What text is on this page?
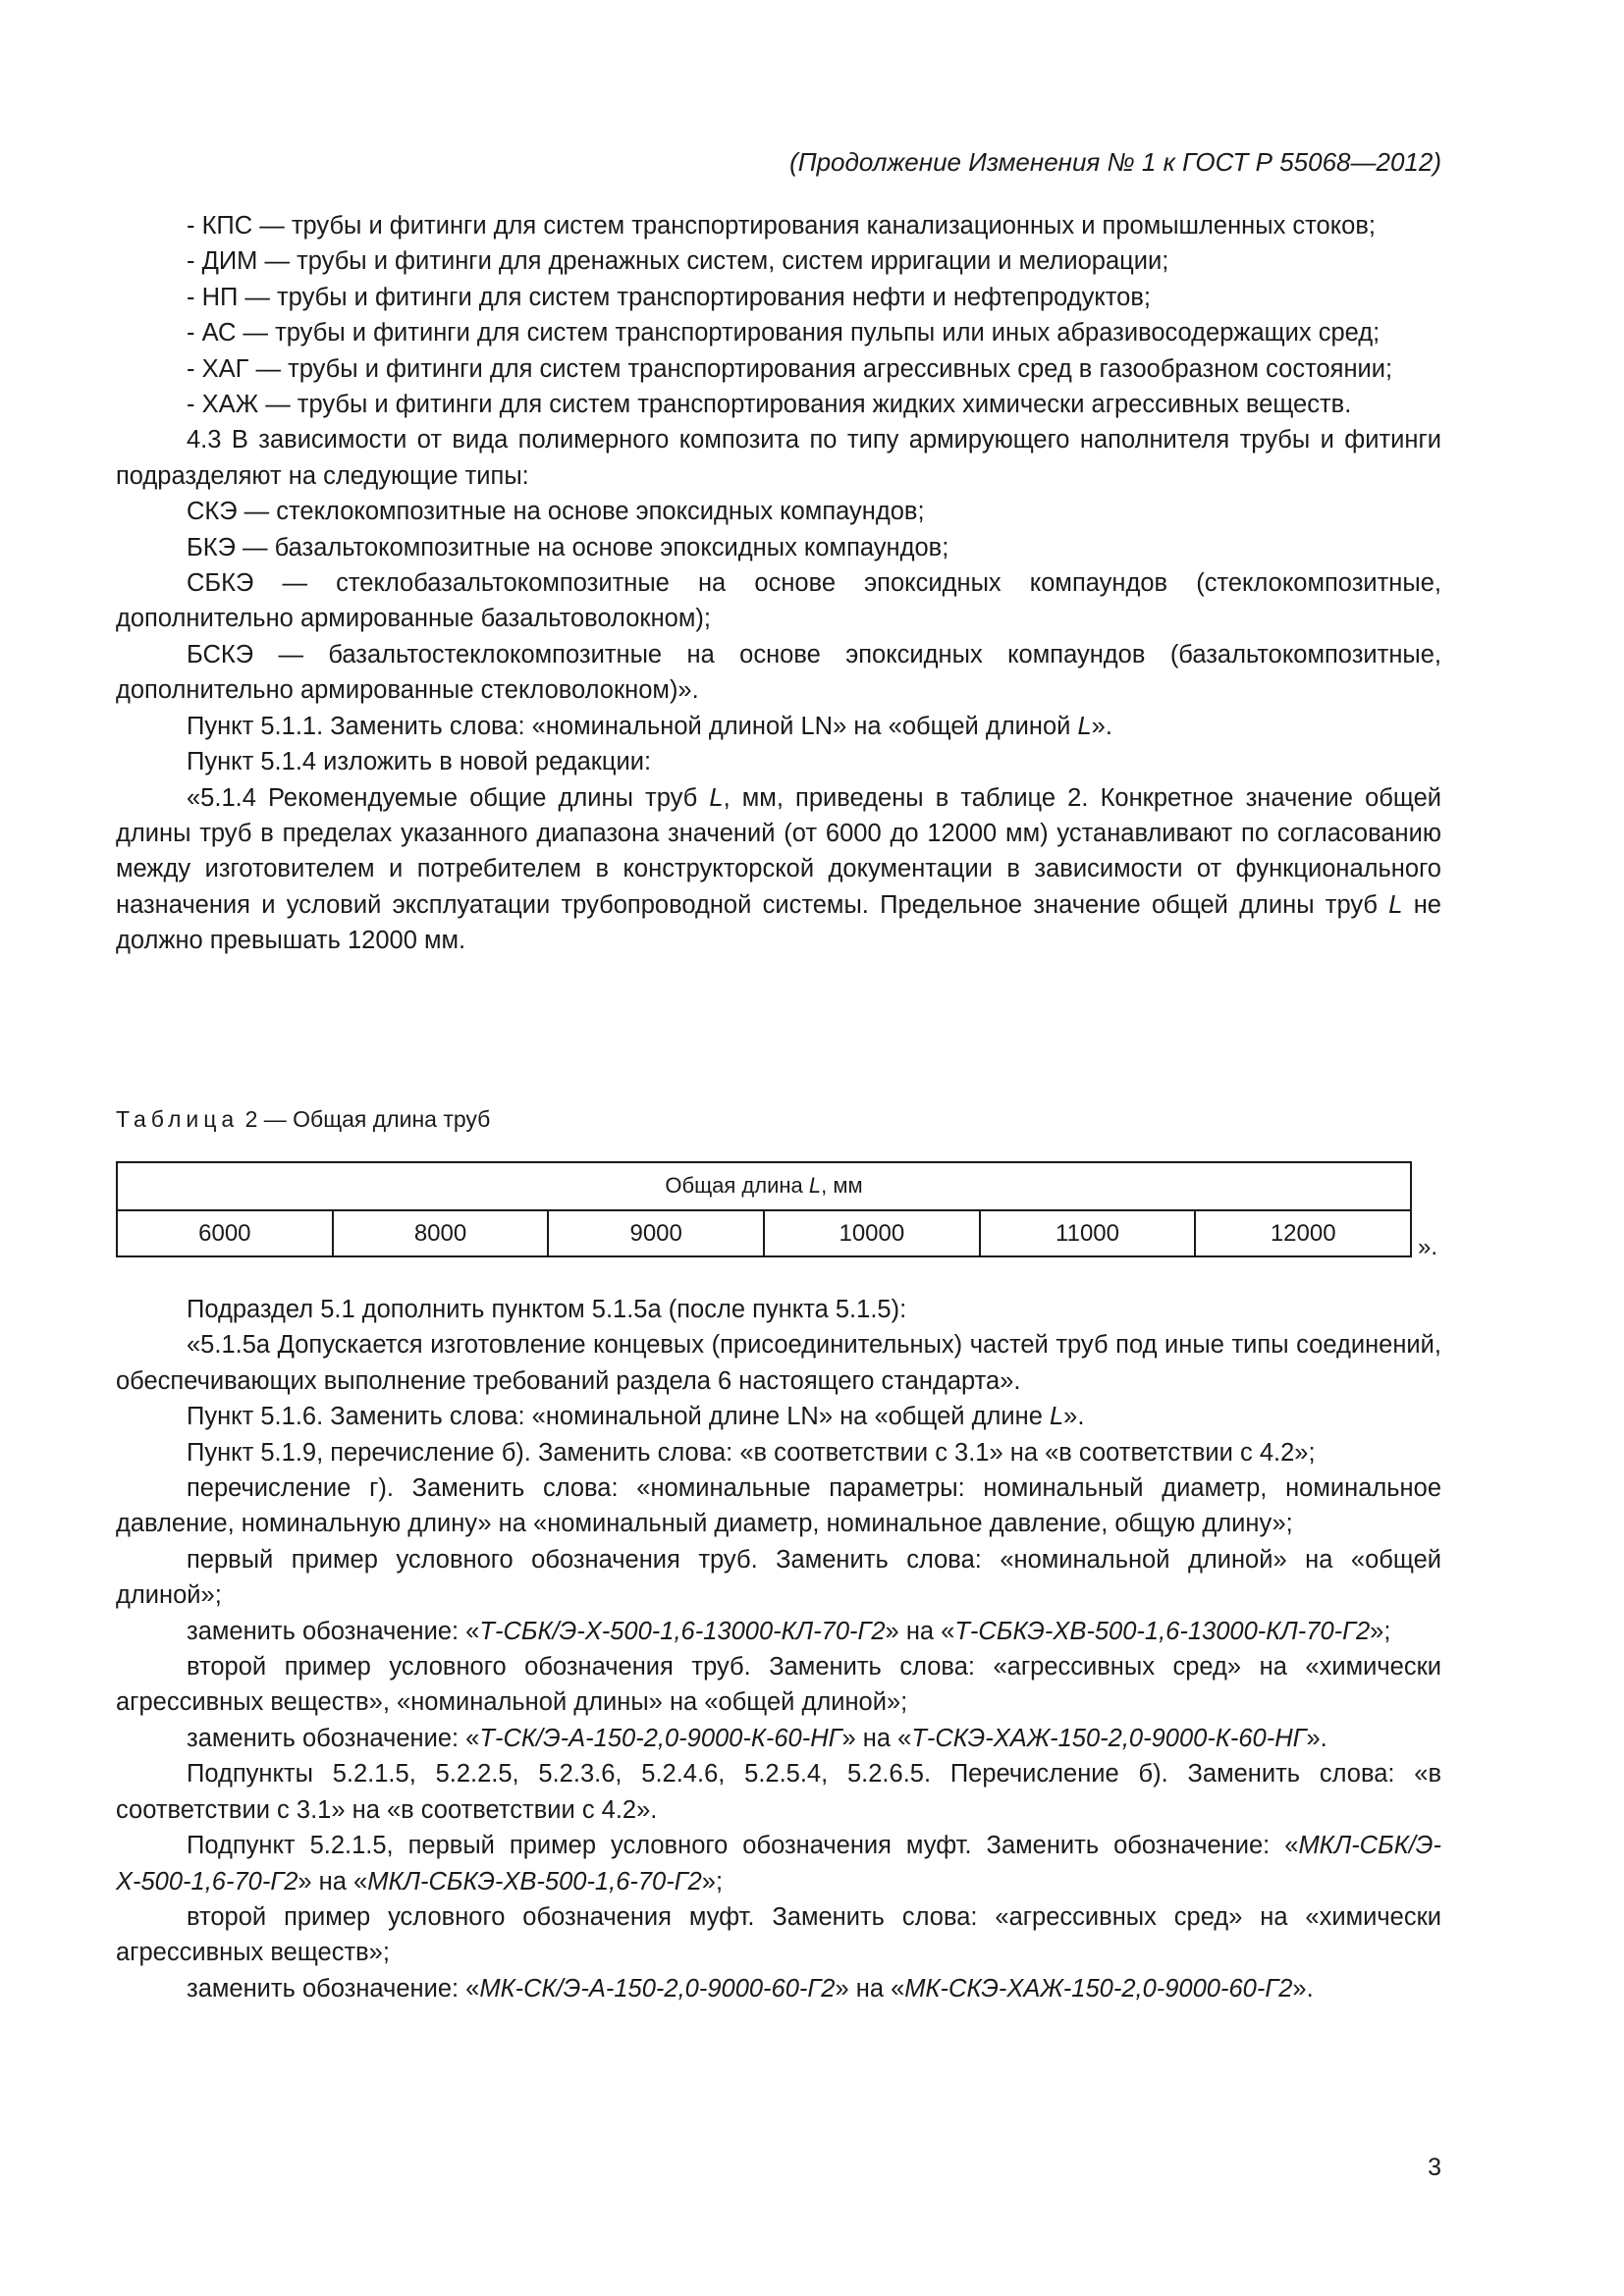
(Продолжение Изменения № 1 к ГОСТ Р 55068—2012)

- КПС — трубы и фитинги для систем транспортирования канализационных и промышленных стоков;

- ДИМ — трубы и фитинги для дренажных систем, систем ирригации и мелиорации;

- НП — трубы и фитинги для систем транспортирования нефти и нефтепродуктов;

- АС — трубы и фитинги для систем транспортирования пульпы или иных абразивосодержащих сред;

- ХАГ — трубы и фитинги для систем транспортирования агрессивных сред в газообразном состоянии;

- ХАЖ — трубы и фитинги для систем транспортирования жидких химически агрессивных веществ.

4.3 В зависимости от вида полимерного композита по типу армирующего наполнителя трубы и фитинги подразделяют на следующие типы:

СКЭ — стеклокомпозитные на основе эпоксидных компаундов;

БКЭ — базальтокомпозитные на основе эпоксидных компаундов;

СБКЭ — стеклобазальтокомпозитные на основе эпоксидных компаундов (стеклокомпозитные, дополнительно армированные базальтоволокном);

БСКЭ — базальтостеклокомпозитные на основе эпоксидных компаундов (базальтокомпозитные, дополнительно армированные стекловолокном)».

Пункт 5.1.1. Заменить слова: «номинальной длиной LN» на «общей длиной L».

Пункт 5.1.4 изложить в новой редакции:

«5.1.4 Рекомендуемые общие длины труб L, мм, приведены в таблице 2. Конкретное значение общей длины труб в пределах указанного диапазона значений (от 6000 до 12000 мм) устанавливают по согласованию между изготовителем и потребителем в конструкторской документации в зависимости от функционального назначения и условий эксплуатации трубопроводной системы. Предельное значение общей длины труб L не должно превышать 12000 мм.

Таблица 2 — Общая длина труб
Общая длина L, мм
6000	8000	9000	10000	11000	12000
».

Подраздел 5.1 дополнить пунктом 5.1.5а (после пункта 5.1.5):

«5.1.5а Допускается изготовление концевых (присоединительных) частей труб под иные типы соединений, обеспечивающих выполнение требований раздела 6 настоящего стандарта».

Пункт 5.1.6. Заменить слова: «номинальной длине LN» на «общей длине L».

Пункт 5.1.9, перечисление б). Заменить слова: «в соответствии с 3.1» на «в соответствии с 4.2»;

перечисление г). Заменить слова: «номинальные параметры: номинальный диаметр, номинальное давление, номинальную длину» на «номинальный диаметр, номинальное давление, общую длину»;

первый пример условного обозначения труб. Заменить слова: «номинальной длиной» на «общей длиной»;

заменить обозначение: «Т-СБК/Э-Х-500-1,6-13000-КЛ-70-Г2» на «Т-СБКЭ-ХВ-500-1,6-13000-КЛ-70-Г2»;

второй пример условного обозначения труб. Заменить слова: «агрессивных сред» на «химически агрессивных веществ», «номинальной длины» на «общей длиной»;

заменить обозначение: «Т-СК/Э-А-150-2,0-9000-К-60-НГ» на «Т-СКЭ-ХАЖ-150-2,0-9000-К-60-НГ».

Подпункты 5.2.1.5, 5.2.2.5, 5.2.3.6, 5.2.4.6, 5.2.5.4, 5.2.6.5. Перечисление б). Заменить слова: «в соответствии с 3.1» на «в соответствии с 4.2».

Подпункт 5.2.1.5, первый пример условного обозначения муфт. Заменить обозначение: «МКЛ-СБК/Э-Х-500-1,6-70-Г2» на «МКЛ-СБКЭ-ХВ-500-1,6-70-Г2»;

второй пример условного обозначения муфт. Заменить слова: «агрессивных сред» на «химически агрессивных веществ»;

заменить обозначение: «МК-СК/Э-А-150-2,0-9000-60-Г2» на «МК-СКЭ-ХАЖ-150-2,0-9000-60-Г2».

3
